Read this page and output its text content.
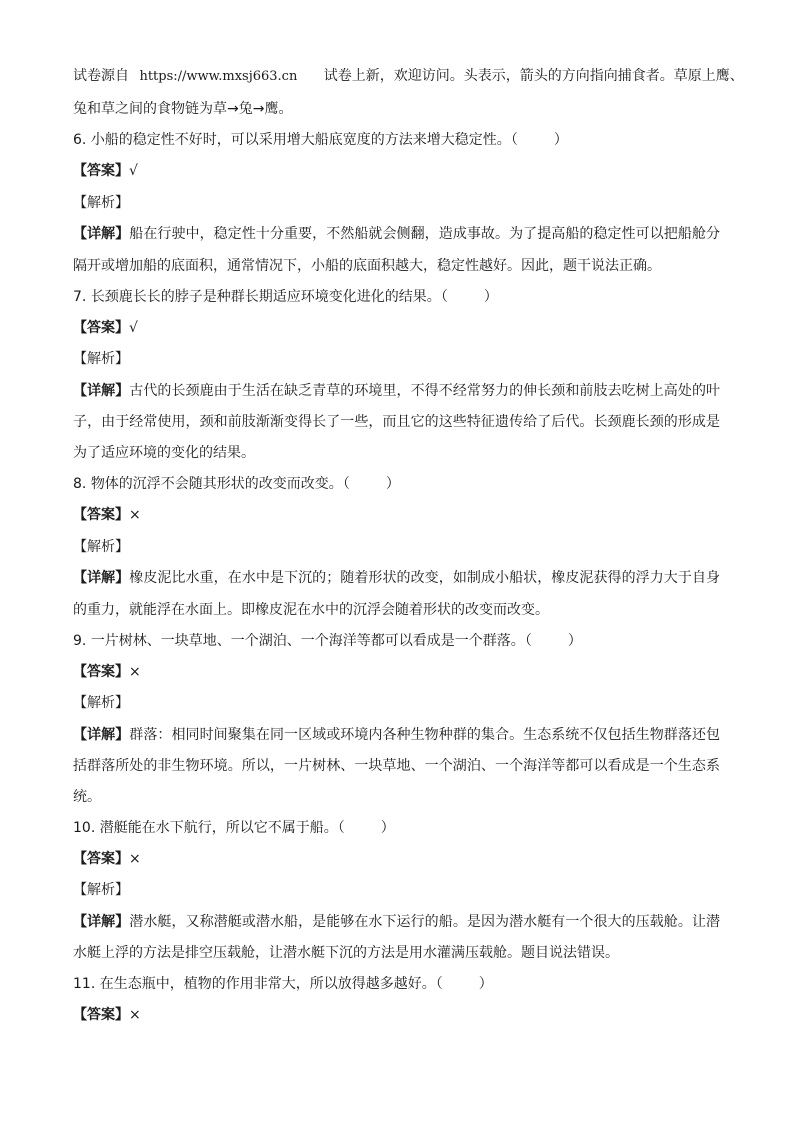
试卷源自 https://www.mxsj663.cn 试卷上新，欢迎访问。头表示，箭头的方向指向捕食者。草原上鹰、
兔和草之间的食物链为草→兔→鹰。
6. 小船的稳定性不好时，可以采用增大船底宽度的方法来增大稳定性。（	）
【答案】√
【解析】
【详解】船在行驶中，稳定性十分重要，不然船就会侧翻，造成事故。为了提高船的稳定性可以把船舱分
隔开或增加船的底面积，通常情况下，小船的底面积越大，稳定性越好。因此，题干说法正确。
7. 长颈鹿长长的脖子是种群长期适应环境变化进化的结果。（	）
【答案】√
【解析】
【详解】古代的长颈鹿由于生活在缺乏青草的环境里，不得不经常努力的伸长颈和前肢去吃树上高处的叶
子，由于经常使用，颈和前肢渐渐变得长了一些，而且它的这些特征遗传给了后代。长颈鹿长颈的形成是
为了适应环境的变化的结果。
8. 物体的沉浮不会随其形状的改变而改变。（	）
【答案】×
【解析】
【详解】橡皮泥比水重，在水中是下沉的；随着形状的改变，如制成小船状，橡皮泥获得的浮力大于自身
的重力，就能浮在水面上。即橡皮泥在水中的沉浮会随着形状的改变而改变。
9. 一片树林、一块草地、一个湖泊、一个海洋等都可以看成是一个群落。（	）
【答案】×
【解析】
【详解】群落：相同时间聚集在同一区域或环境内各种生物种群的集合。生态系统不仅包括生物群落还包
括群落所处的非生物环境。所以，一片树林、一块草地、一个湖泊、一个海洋等都可以看成是一个生态系
统。
10. 潜艇能在水下航行，所以它不属于船。（	）
【答案】×
【解析】
【详解】潜水艇，又称潜艇或潜水船，是能够在水下运行的船。是因为潜水艇有一个很大的压载舱。让潜
水艇上浮的方法是排空压载舱，让潜水艇下沉的方法是用水灌满压载舱。题目说法错误。
11. 在生态瓶中，植物的作用非常大，所以放得越多越好。（	）
【答案】×
